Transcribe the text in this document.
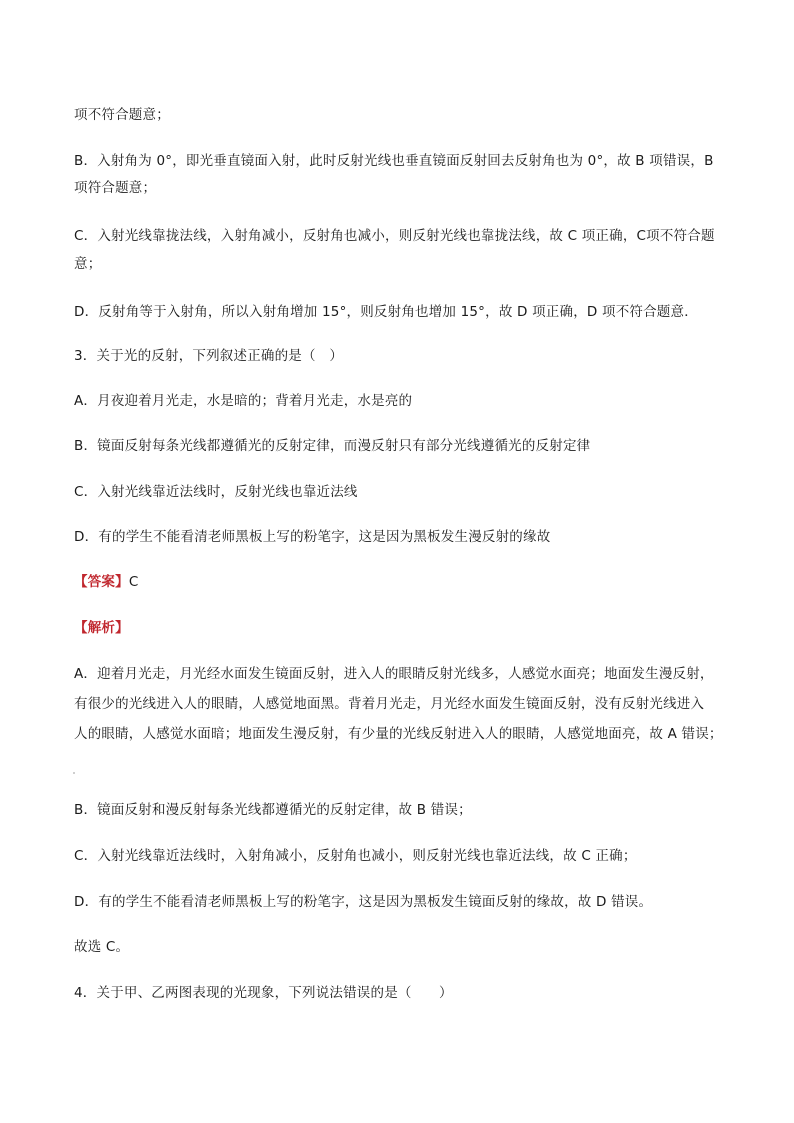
项不符合题意；
B．入射角为 0°，即光垂直镜面入射，此时反射光线也垂直镜面反射回去反射角也为 0°，故 B 项错误，B
项符合题意；
C．入射光线靠拢法线，入射角减小，反射角也减小，则反射光线也靠拢法线，故 C 项正确，C项不符合题
意；
D．反射角等于入射角，所以入射角增加 15°，则反射角也增加 15°，故 D 项正确，D 项不符合题意．
3．关于光的反射，下列叙述正确的是（　）
A．月夜迎着月光走，水是暗的；背着月光走，水是亮的
B．镜面反射每条光线都遵循光的反射定律，而漫反射只有部分光线遵循光的反射定律
C．入射光线靠近法线时，反射光线也靠近法线
D．有的学生不能看清老师黑板上写的粉笔字，这是因为黑板发生漫反射的缘故
【答案】C
【解析】
A．迎着月光走，月光经水面发生镜面反射，进入人的眼睛反射光线多，人感觉水面亮；地面发生漫反射，
有很少的光线进入人的眼睛，人感觉地面黑。背着月光走，月光经水面发生镜面反射，没有反射光线进入
人的眼睛，人感觉水面暗；地面发生漫反射，有少量的光线反射进入人的眼睛，人感觉地面亮，故 A 错误；
B．镜面反射和漫反射每条光线都遵循光的反射定律，故 B 错误；
C．入射光线靠近法线时，入射角减小，反射角也减小，则反射光线也靠近法线，故 C 正确；
D．有的学生不能看清老师黑板上写的粉笔字，这是因为黑板发生镜面反射的缘故，故 D 错误。
故选 C。
4．关于甲、乙两图表现的光现象，下列说法错误的是（　　）
